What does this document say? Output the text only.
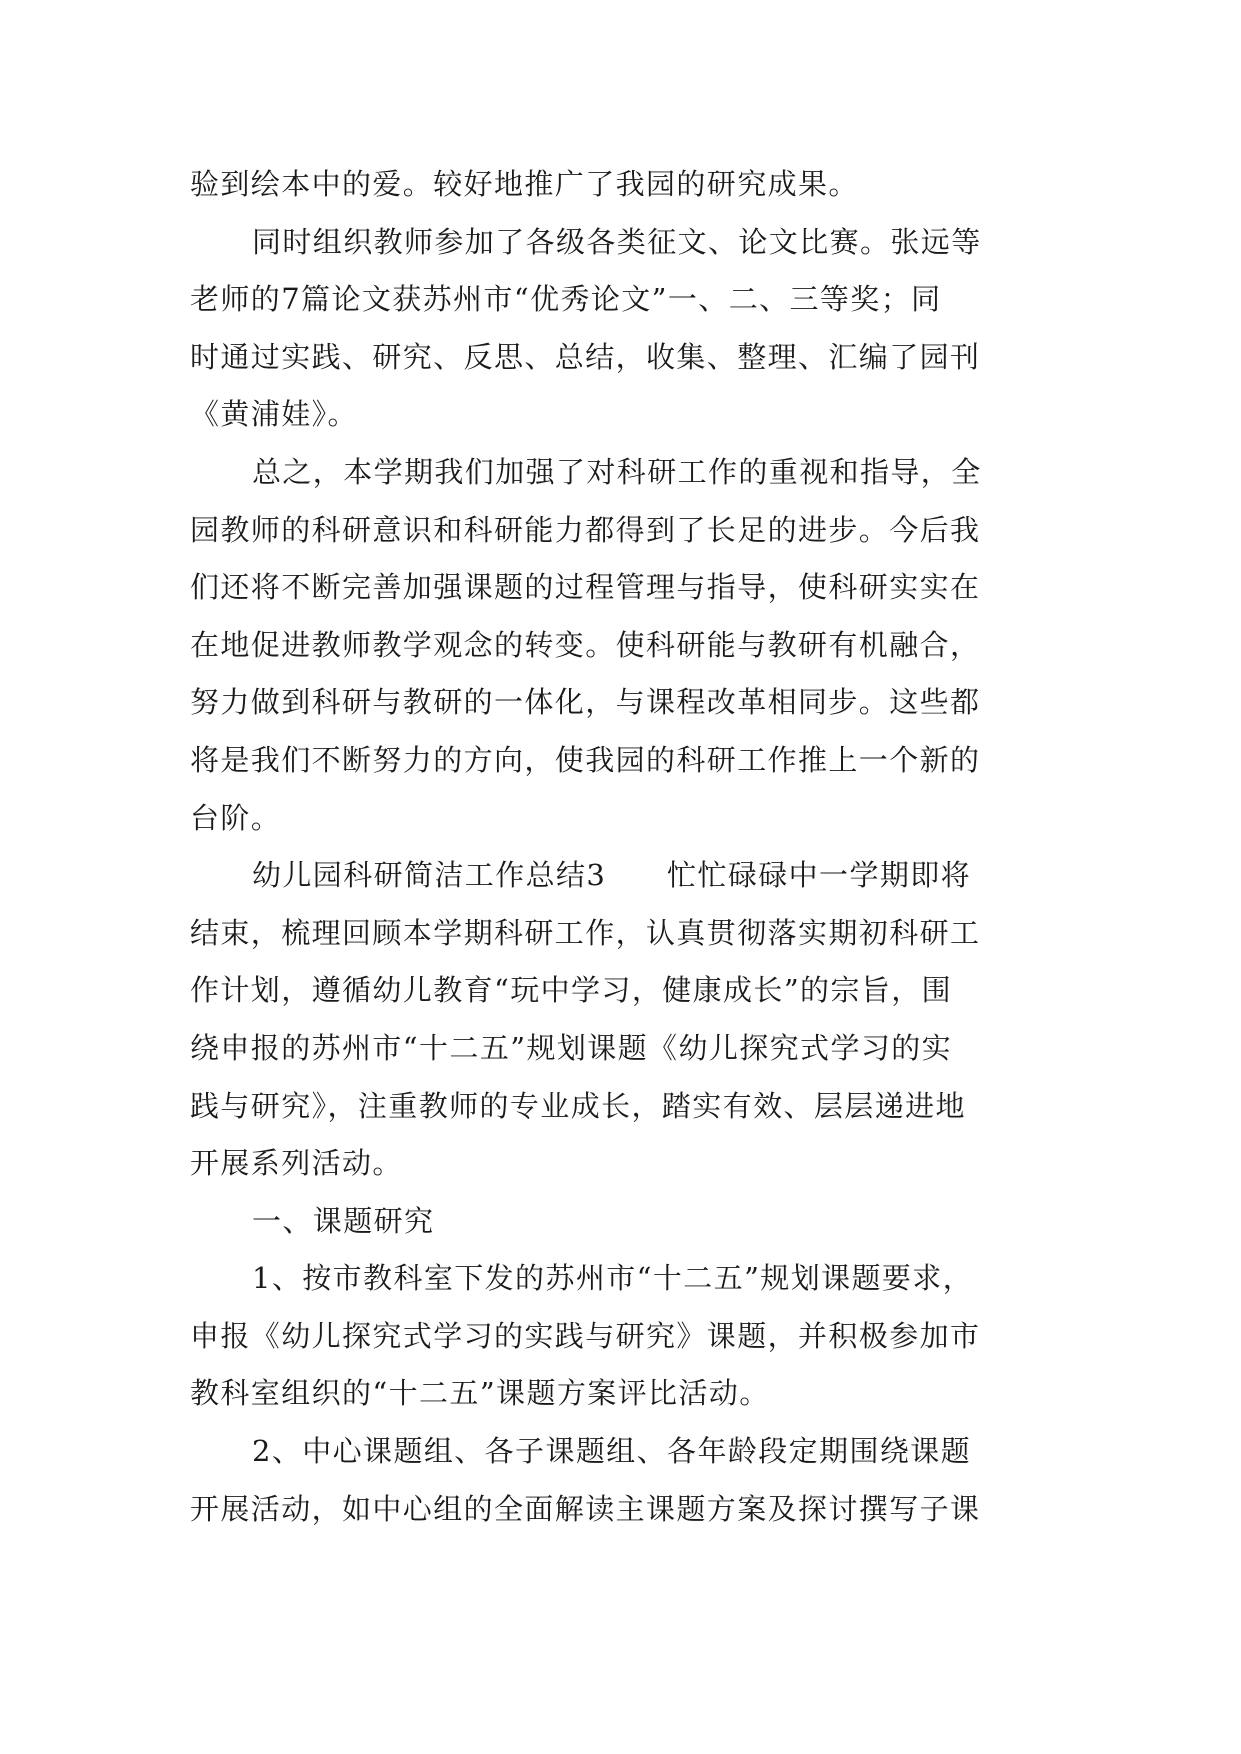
验到绘本中的爱。较好地推广了我园的研究成果。
同时组织教师参加了各级各类征文、论文比赛。张远等
老师的7篇论文获苏州市“优秀论文”一、二、三等奖；同
时通过实践、研究、反思、总结，收集、整理、汇编了园刊
《黄浦娃》。
总之，本学期我们加强了对科研工作的重视和指导，全
园教师的科研意识和科研能力都得到了长足的进步。今后我
们还将不断完善加强课题的过程管理与指导，使科研实实在
在地促进教师教学观念的转变。使科研能与教研有机融合，
努力做到科研与教研的一体化，与课程改革相同步。这些都
将是我们不断努力的方向，使我园的科研工作推上一个新的
台阶。
幼儿园科研简洁工作总结3　　忙忙碌碌中一学期即将
结束，梳理回顾本学期科研工作，认真贯彻落实期初科研工
作计划，遵循幼儿教育“玩中学习，健康成长”的宗旨，围
绕申报的苏州市“十二五”规划课题《幼儿探究式学习的实
践与研究》，注重教师的专业成长，踏实有效、层层递进地
开展系列活动。
一、课题研究
1、按市教科室下发的苏州市“十二五”规划课题要求，
申报《幼儿探究式学习的实践与研究》课题，并积极参加市
教科室组织的“十二五”课题方案评比活动。
2、中心课题组、各子课题组、各年龄段定期围绕课题
开展活动，如中心组的全面解读主课题方案及探讨撰写子课
